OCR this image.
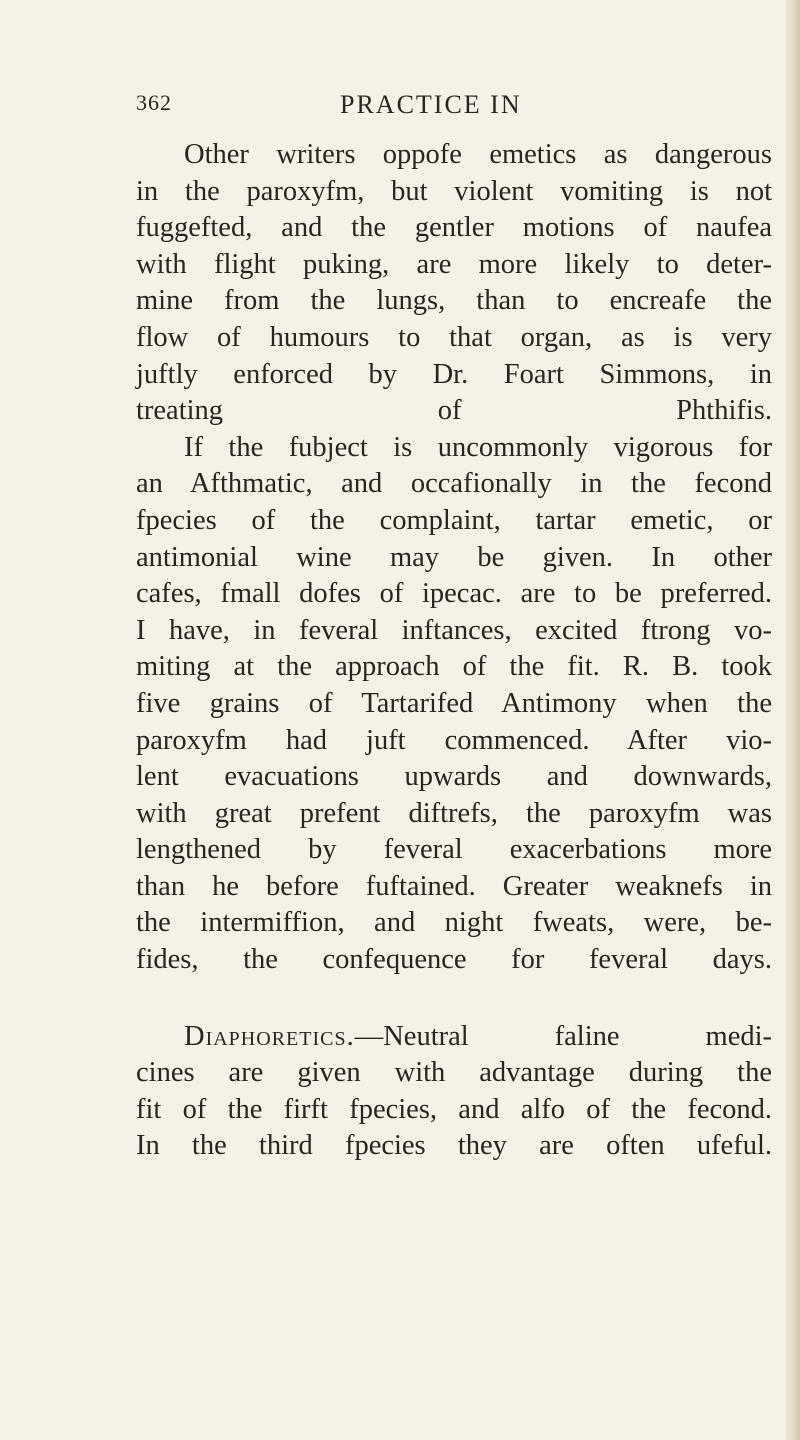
362	PRACTICE IN
Other writers oppofe emetics as dangerous
in the paroxyfm, but violent vomiting is not
fuggefted, and the gentler motions of naufea
with flight puking, are more likely to deter-
mine from the lungs, than to encreafe the
flow of humours to that organ, as is very
juftly enforced by Dr. Foart Simmons, in
treating of Phthifis.
If the fubject is uncommonly vigorous for
an Afthmatic, and occafionally in the fecond
fpecies of the complaint, tartar emetic, or
antimonial wine may be given. In other
cafes, fmall dofes of ipecac. are to be preferred.
I have, in feveral inftances, excited ftrong vo-
miting at the approach of the fit. R. B. took
five grains of Tartarifed Antimony when the
paroxyfm had juft commenced. After vio-
lent evacuations upwards and downwards,
with great prefent diftrefs, the paroxyfm was
lengthened by feveral exacerbations more
than he before fuftained. Greater weaknefs in
the intermiffion, and night fweats, were, be-
fides, the confequence for feveral days.
Diaphoretics.—Neutral faline medi-
cines are given with advantage during the
fit of the firft fpecies, and alfo of the fecond.
In the third fpecies they are often ufeful.
